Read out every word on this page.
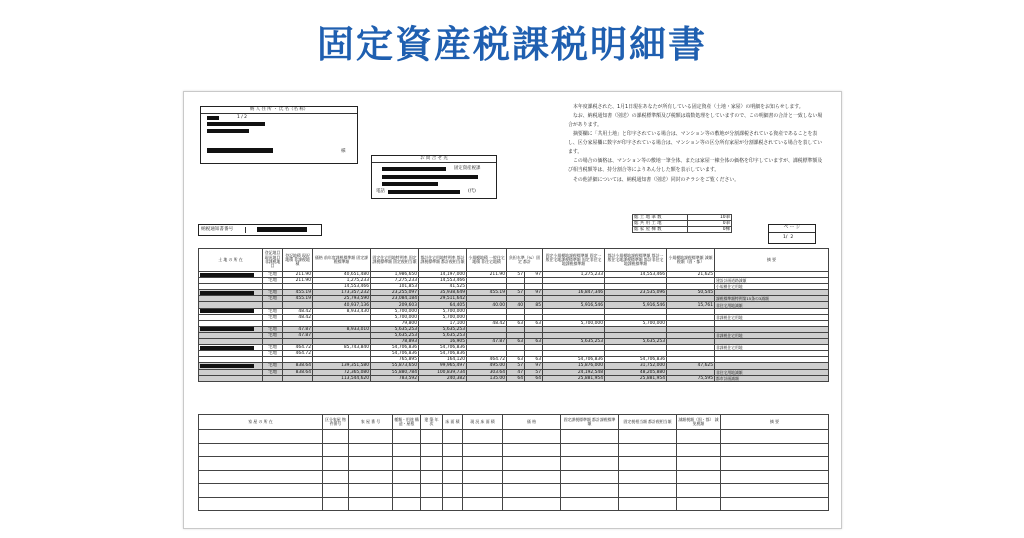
固定資産税課税明細書
納 人 住 所 ・ 氏 名（名 称）
1 / 2
様
お 問 合 せ 先
固定資産税課
電話	(代)

本年度課税された、1月1日現在あなたが所有している固定資産（土地・家屋）の明細をお知らせします。

なお、納税通知書（別送）の課税標準額及び税額は端数処理をしていますので、この明細書の合計と一致しない場合があります。

摘要欄に「共用土地」と印字されている場合は、マンション等の敷地が分割課税されている資産であることを表し、区分家屋欄に数字が印字されている場合は、マンション等の区分所有家屋が分割課税されている場合を表しています。

この場合の価格は、マンション等の敷地一筆全体、または家屋一棟全体の価格を印字していますが、課税標準額及び相当税額等は、持分割合等によりあん分した額を表示しています。

その他詳細については、納税通知書（別送）同封のチラシをご覧ください。

納税通知書番号
総 土 地 筆 数	10筆
総 共 用 土 地	0筆
総 家 屋 棟 数	0棟	ペ ー ジ
1/ 2
土 地 の 所 在	登記地目 現況地目 非課税地目	登記地積 現況地積 非課税地積	価格 前年度課税標準額 固定課税標準額	固定住宅用地特例率 固定課税標準額 固定税相当額	都計住宅用地特例率 都計課税標準額 都計税相当額	小規模地積 一般住宅地積 非住宅地積	負担水準（%）固定 都計		固定小規模地課税標準額 固定一般住宅地課税標準額 固定非住宅地課税標準額	都計小規模地課税標準額 都計一般住宅地課税標準額 都計非住宅地課税標準額	小規模地課税標準額 減額税額（固・都）	摘 要

	宅地	211.90	40,651,480	1,986,650	14,197,000	211.90	57	97	1,275,233	14,553,466	21,625	
	宅地	211.90	1,275,233	7,275,233	14,553,466							建設計画道路減額
			14,553,466	101,853	41,525							小規模住宅用地

	宅地	455.19	173,357,232	23,255,097	35,938,649	455.19	57	97	16,847,346	23,535,096	50,545	
	宅地	455.19	25,793,590	23,084,184	29,511,642							課税標準額特例第15条の3減額
			40,937,136	209,603	64,405	40.00	40	85	5,916,546	5,916,546	15,761	非住宅用地減額

	宅地	48.42	8,933,430	5,700,000	5,700,000							
	宅地	48.42		5,700,000	5,700,000							非課税住宅用地
				79,800	17,100	48.42	63	63	5,700,000	5,700,000		

	宅地	47.87	8,933,010	5,635,253	5,635,253							
	宅地	47.87		5,635,253	5,635,253							非課税住宅用地
				78,893	16,905	47.87	63	63	5,635,253	5,635,253		

	宅地	464.72	85,743,840	54,706,836	54,706,836							非課税住宅用地
	宅地	464.72		54,706,836	54,706,836							
				765,895	164,120	464.72	63	63	54,706,836	54,706,836		

	宅地	838.64	139,351,580	55,873,650	99,965,497	495.00	57	97	15,876,000	31,752,000	47,625	
	宅地	838.64	72,365,080	55,880,784	100,839,734	303.64	47	57	24,192,548	48,205,880		非住宅用地減額
			113,544,620	783,592	240,382	135.00	64	64	25,881,954	25,881,954	75,595	都市計画減額
家 屋 の 所 在	区分家屋 物件番号	家 屋 番 号	種類・用途 構造・屋根	建 築 年 次	床 面 積	現 況 床 面 積	価 格	固定課税標準額 都計課税標準額	固定税相当額 都計税相当額	減額税額（固・都） 減免税額	摘 要
